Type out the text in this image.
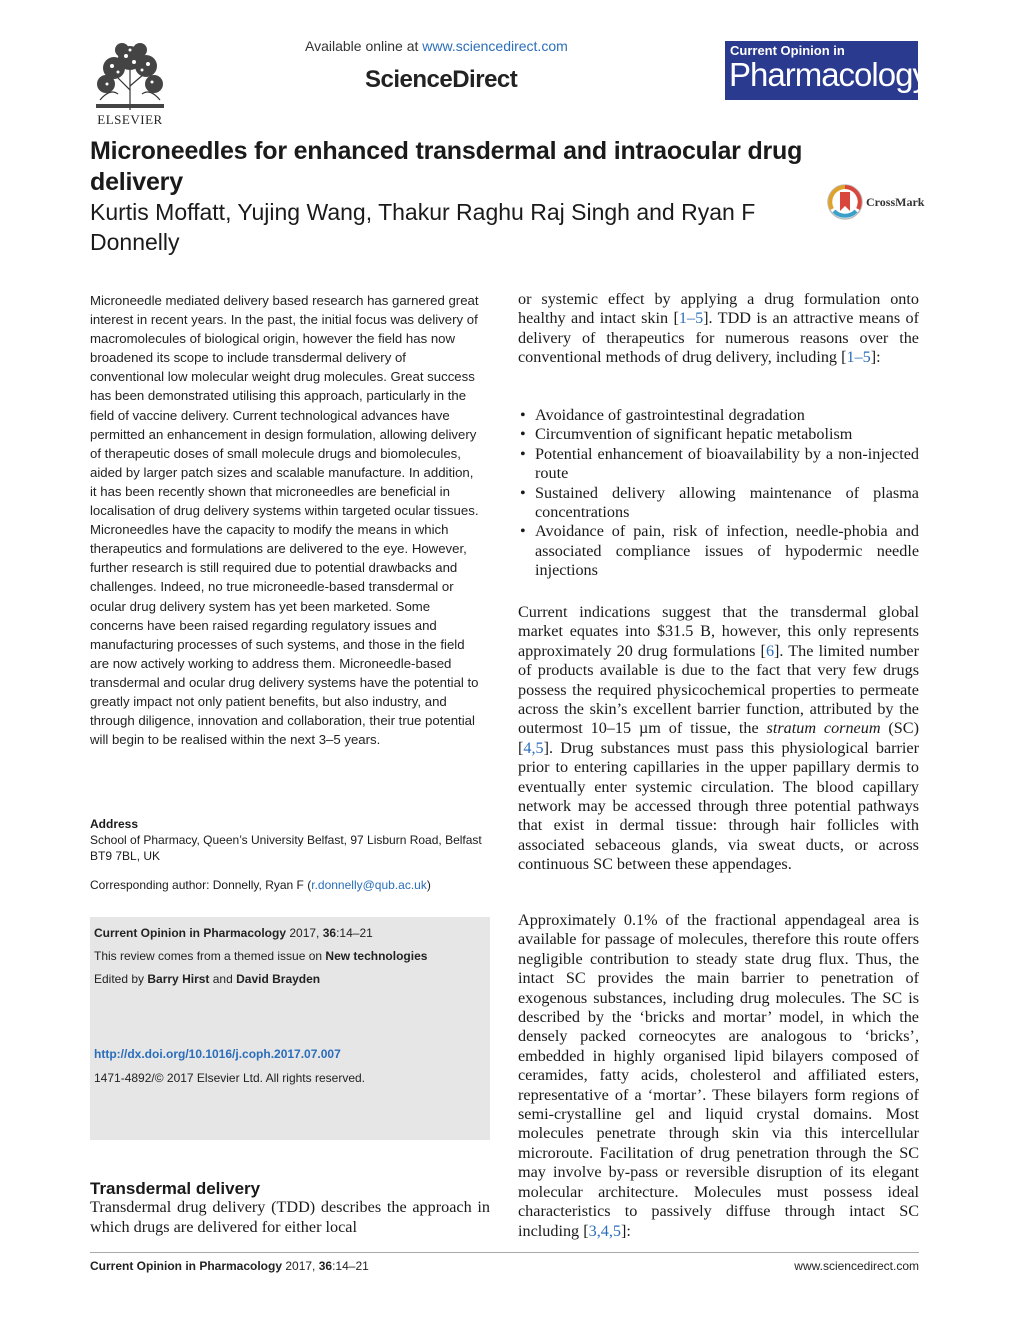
ELSEVIER
Available online at www.sciencedirect.com
ScienceDirect
Current Opinion in
Pharmacology
Microneedles for enhanced transdermal and intraocular drug delivery
Kurtis Moffatt, Yujing Wang, Thakur Raghu Raj Singh and Ryan F Donnelly
CrossMark
Microneedle mediated delivery based research has garnered great interest in recent years. In the past, the initial focus was delivery of macromolecules of biological origin, however the field has now broadened its scope to include transdermal delivery of conventional low molecular weight drug molecules. Great success has been demonstrated utilising this approach, particularly in the field of vaccine delivery. Current technological advances have permitted an enhancement in design formulation, allowing delivery of therapeutic doses of small molecule drugs and biomolecules, aided by larger patch sizes and scalable manufacture. In addition, it has been recently shown that microneedles are beneficial in localisation of drug delivery systems within targeted ocular tissues. Microneedles have the capacity to modify the means in which therapeutics and formulations are delivered to the eye. However, further research is still required due to potential drawbacks and challenges. Indeed, no true microneedle-based transdermal or ocular drug delivery system has yet been marketed. Some concerns have been raised regarding regulatory issues and manufacturing processes of such systems, and those in the field are now actively working to address them. Microneedle-based transdermal and ocular drug delivery systems have the potential to greatly impact not only patient benefits, but also industry, and through diligence, innovation and collaboration, their true potential will begin to be realised within the next 3–5 years.
Address
School of Pharmacy, Queen’s University Belfast, 97 Lisburn Road, Belfast BT9 7BL, UK
Corresponding author: Donnelly, Ryan F (r.donnelly@qub.ac.uk)
Current Opinion in Pharmacology 2017, 36:14–21
This review comes from a themed issue on New technologies
Edited by Barry Hirst and David Brayden
http://dx.doi.org/10.1016/j.coph.2017.07.007
1471-4892/© 2017 Elsevier Ltd. All rights reserved.
Transdermal delivery
Transdermal drug delivery (TDD) describes the approach in which drugs are delivered for either local

or systemic effect by applying a drug formulation onto healthy and intact skin [1–5]. TDD is an attractive means of delivery of therapeutics for numerous reasons over the conventional methods of drug delivery, including [1–5]:

• Avoidance of gastrointestinal degradation
• Circumvention of significant hepatic metabolism
• Potential enhancement of bioavailability by a non-injected route
• Sustained delivery allowing maintenance of plasma concentrations
• Avoidance of pain, risk of infection, needle-phobia and associated compliance issues of hypodermic needle injections

Current indications suggest that the transdermal global market equates into $31.5 B, however, this only represents approximately 20 drug formulations [6]. The limited number of products available is due to the fact that very few drugs possess the required physicochemical properties to permeate across the skin’s excellent barrier function, attributed by the outermost 10–15 µm of tissue, the stratum corneum (SC) [4,5]. Drug substances must pass this physiological barrier prior to entering capillaries in the upper papillary dermis to eventually enter systemic circulation. The blood capillary network may be accessed through three potential pathways that exist in dermal tissue: through hair follicles with associated sebaceous glands, via sweat ducts, or across continuous SC between these appendages.

Approximately 0.1% of the fractional appendageal area is available for passage of molecules, therefore this route offers negligible contribution to steady state drug flux. Thus, the intact SC provides the main barrier to penetration of exogenous substances, including drug molecules. The SC is described by the ‘bricks and mortar’ model, in which the densely packed corneocytes are analogous to ‘bricks’, embedded in highly organised lipid bilayers composed of ceramides, fatty acids, cholesterol and affiliated esters, representative of a ‘mortar’. These bilayers form regions of semi-crystalline gel and liquid crystal domains. Most molecules penetrate through skin via this intercellular microroute. Facilitation of drug penetration through the SC may involve by-pass or reversible disruption of its elegant molecular architecture. Molecules must possess ideal characteristics to passively diffuse through intact SC including [3,4,5]:

Current Opinion in Pharmacology 2017, 36:14–21	www.sciencedirect.com
